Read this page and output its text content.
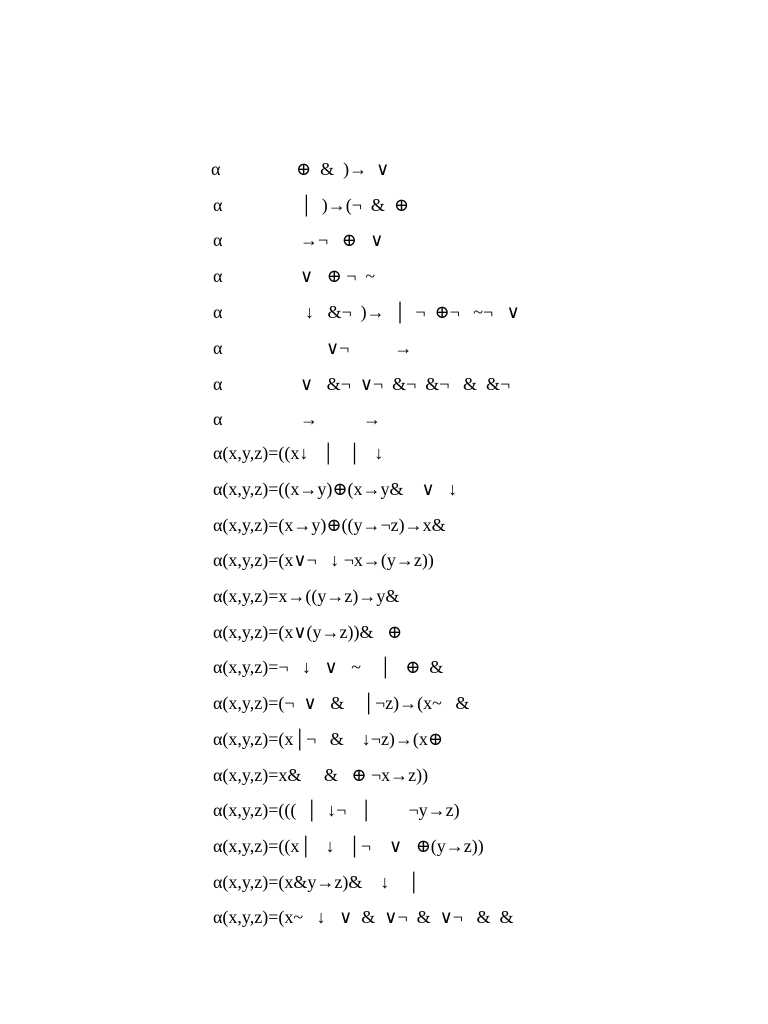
α	⊕  &  )→  ∨
α	│  )→(¬  &  ⊕
α	→¬   ⊕   ∨
α	∨   ⊕ ¬  ~
α	↓   &¬  )→  │  ¬  ⊕¬   ~¬   ∨
α	∨¬          →
α	∨   &¬  ∨¬  &¬  &¬   &  &¬
α	→          →
α(x,y,z)=((x↓   │   │   ↓
α(x,y,z)=((x→y)⊕(x→y&    ∨   ↓
α(x,y,z)=(x→y)⊕((y→¬z)→x&
α(x,y,z)=(x∨¬   ↓ ¬x→(y→z))
α(x,y,z)=x→((y→z)→y&
α(x,y,z)=(x∨(y→z))&   ⊕
α(x,y,z)=¬   ↓   ∨   ~    │   ⊕  &
α(x,y,z)=(¬  ∨   &    │¬z)→(x~   &
α(x,y,z)=(x│¬   &    ↓¬z)→(x⊕
α(x,y,z)=x&     &   ⊕ ¬x→z))
α(x,y,z)=(((  │  ↓¬   │        ¬y→z)
α(x,y,z)=((x│   ↓   │¬    ∨   ⊕(y→z))
α(x,y,z)=(x&y→z)&    ↓    │
α(x,y,z)=(x~   ↓   ∨  &  ∨¬  &  ∨¬   &  &
